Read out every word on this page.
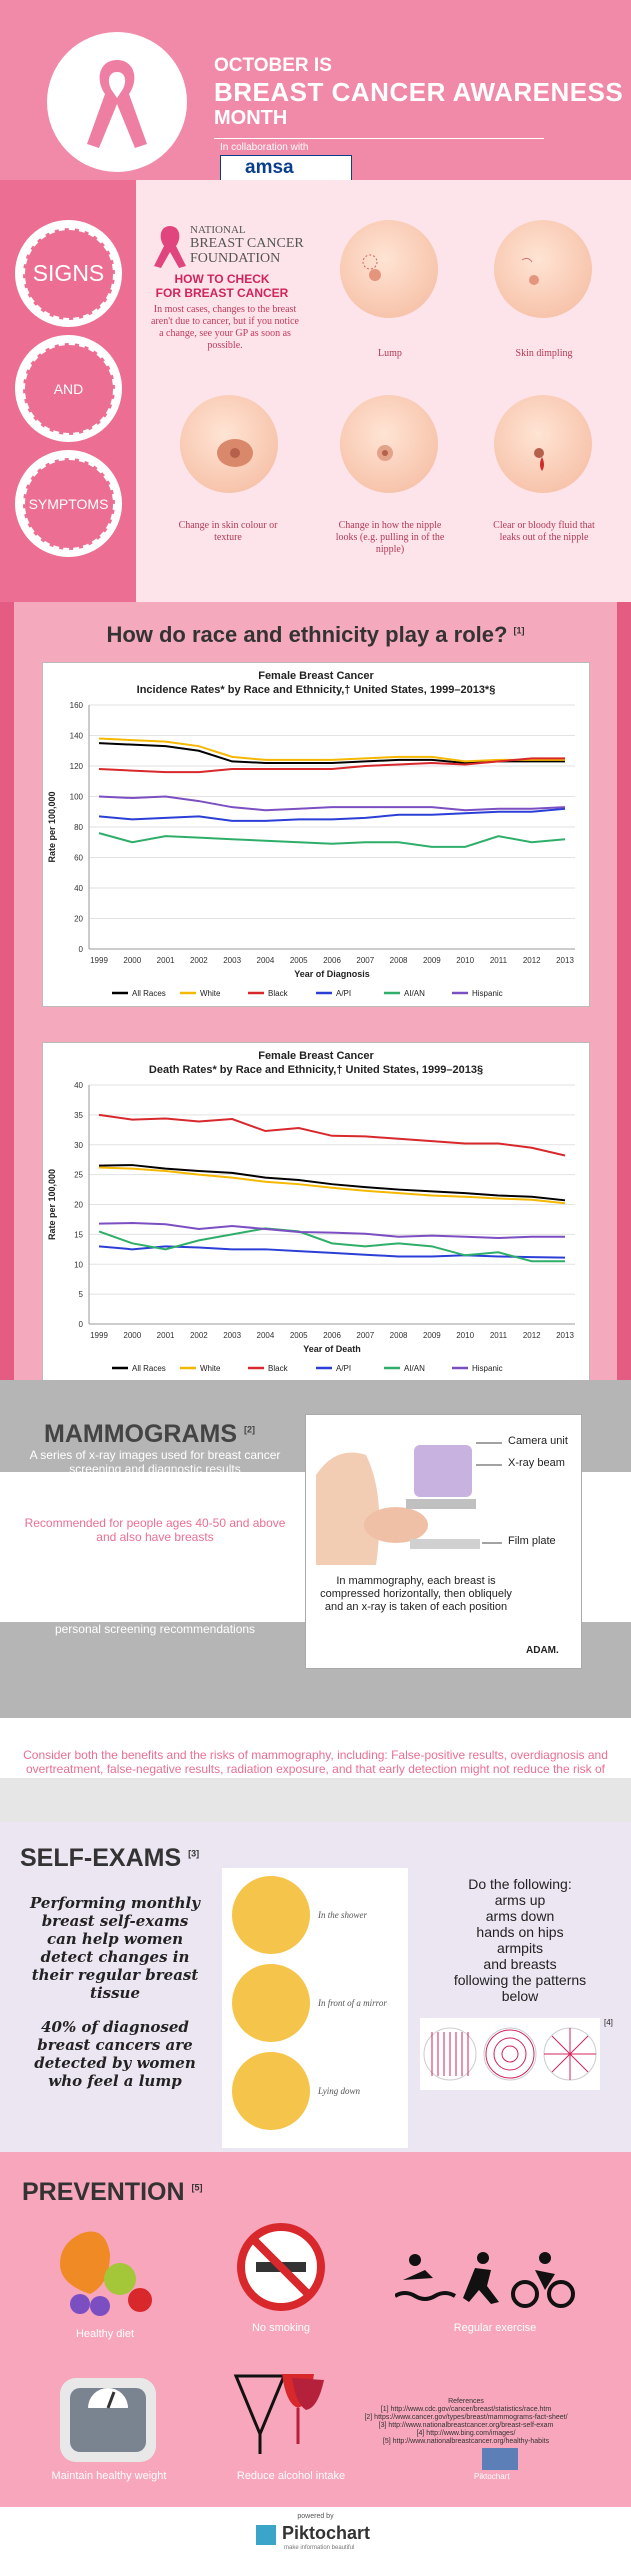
OCTOBER IS
BREAST CANCER AWARENESS
MONTH
In collaboration with
amsa
SIGNS
AND
SYMPTOMS
NATIONAL
BREAST CANCER
FOUNDATION
HOW TO CHECK
FOR BREAST CANCER
In most cases, changes to the breast aren't due to cancer, but if you notice a change, see your GP as soon as possible.
Lump	Skin dimpling
Change in skin colour or texture
Change in how the nipple looks (e.g. pulling in of the nipple)
Clear or bloody fluid that leaks out of the nipple
How do race and ethnicity play a role? [1]
Female Breast Cancer
Incidence Rates* by Race and Ethnicity,† United States, 1999–2013*§
0
20
40
60
80
100
120
140
160
1999 2000 2001 2002 2003 2004 2005 2006 2007 2008 2009 2010 2011 2012 2013
Year of Diagnosis
Rate per 100,000
All Races	White	Black	A/PI	AI/AN	Hispanic
Female Breast Cancer
Death Rates* by Race and Ethnicity,† United States, 1999–2013§
0
5
10
15
20
25
30
35
40
1999 2000 2001 2002 2003 2004 2005 2006 2007 2008 2009 2010 2011 2012 2013
Year of Death
Rate per 100,000
All Races	White	Black	A/PI	AI/AN	Hispanic
MAMMOGRAMS [2]
A series of x-ray images used for breast cancer screening and diagnostic results
Recommended for people ages 40-50 and above and also have breasts
Talk with your primary care provider to determine personal screening recommendations
Camera unit
X-ray beam
Film plate
In mammography, each breast is compressed horizontally, then obliquely and an x-ray is taken of each position
ADAM.
Consider both the benefits and the risks of mammography, including: False-positive results, overdiagnosis and overtreatment, false-negative results, radiation exposure, and that early detection might not reduce the risk of
SELF-EXAMS [3]
Performing monthly breast self-exams can help women detect changes in their regular breast tissue
40% of diagnosed breast cancers are detected by women who feel a lump
In the shower
In front of a mirror
Lying down
Do the following:
arms up
arms down
hands on hips
armpits
and breasts
following the patterns
below
[4]
PREVENTION [5]
Healthy diet	No smoking	Regular exercise
Maintain healthy weight	Reduce alcohol intake
References
[1] http://www.cdc.gov/cancer/breast/statistics/race.htm
[2] https://www.cancer.gov/types/breast/mammograms-fact-sheet/
[3] http://www.nationalbreastcancer.org/breast-self-exam
[4] http://www.bing.com/images/
[5] http://www.nationalbreastcancer.org/healthy-habits
Piktochart
powered by
Piktochart
make information beautiful
